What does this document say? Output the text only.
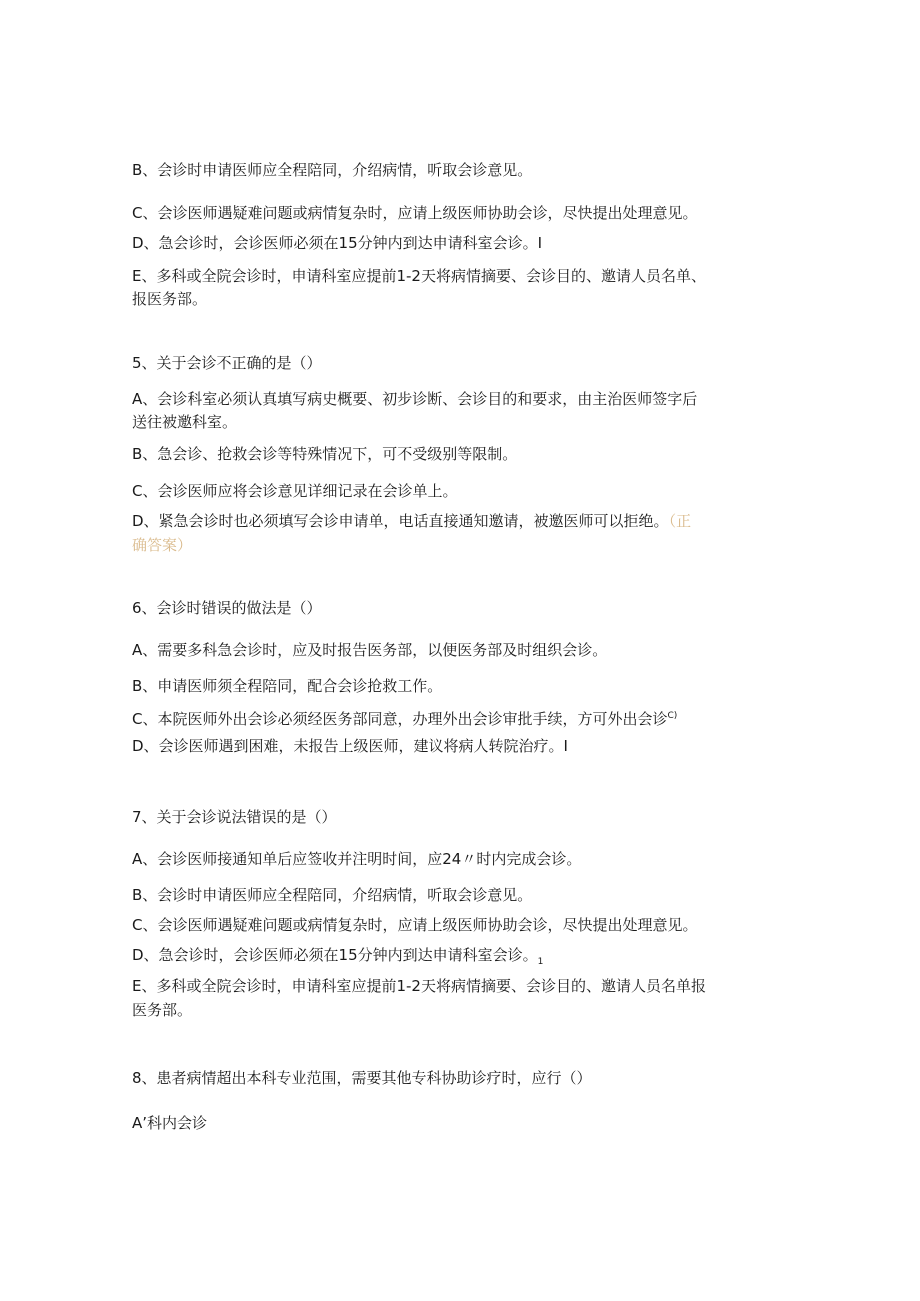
B、会诊时申请医师应全程陪同，介绍病情，听取会诊意见。
C、会诊医师遇疑难问题或病情复杂时，应请上级医师协助会诊，尽快提出处理意见。
D、急会诊时，会诊医师必须在15分钟内到达申请科室会诊。I
E、多科或全院会诊时，申请科室应提前1-2天将病情摘要、会诊目的、邀请人员名单、
报医务部。
5、关于会诊不正确的是（）
A、会诊科室必须认真填写病史概要、初步诊断、会诊目的和要求，由主治医师签字后
送往被邀科室。
B、急会诊、抢救会诊等特殊情况下，可不受级别等限制。
C、会诊医师应将会诊意见详细记录在会诊单上。
D、紧急会诊时也必须填写会诊申请单，电话直接通知邀请，被邀医师可以拒绝。（正
确答案）
6、会诊时错误的做法是（）
A、需要多科急会诊时，应及时报告医务部，以便医务部及时组织会诊。
B、申请医师须全程陪同，配合会诊抢救工作。
C、本院医师外出会诊必须经医务部同意，办理外出会诊审批手续，方可外出会诊$^{C)}$
D、会诊医师遇到困难，未报告上级医师，建议将病人转院治疗。I
7、关于会诊说法错误的是（）
A、会诊医师接通知单后应签收并注明时间，应24〃时内完成会诊。
B、会诊时申请医师应全程陪同，介绍病情，听取会诊意见。
C、会诊医师遇疑难问题或病情复杂时，应请上级医师协助会诊，尽快提出处理意见。
D、急会诊时，会诊医师必须在15分钟内到达申请科室会诊。$_1$
E、多科或全院会诊时，申请科室应提前1-2天将病情摘要、会诊目的、邀请人员名单报
医务部。
8、患者病情超出本科专业范围，需要其他专科协助诊疗时，应行（）
A’科内会诊
